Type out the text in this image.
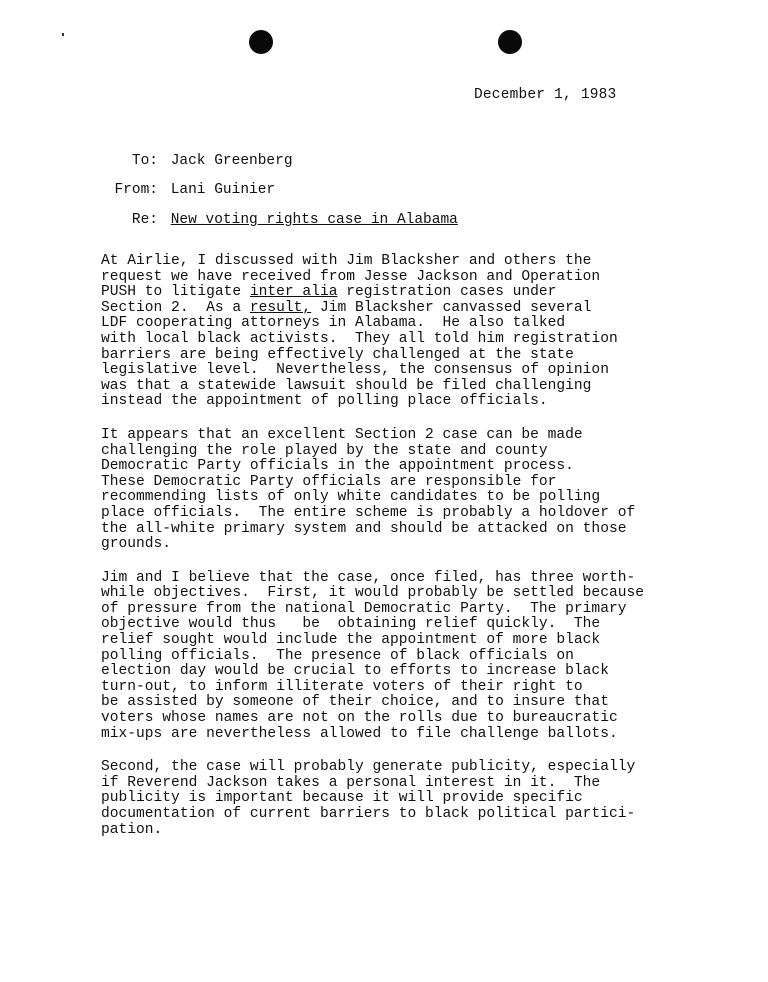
December 1, 1983
To: Jack Greenberg
From: Lani Guinier
Re: New voting rights case in Alabama
At Airlie, I discussed with Jim Blacksher and others the
request we have received from Jesse Jackson and Operation
PUSH to litigate inter alia registration cases under
Section 2.  As a result, Jim Blacksher canvassed several
LDF cooperating attorneys in Alabama.  He also talked
with local black activists.  They all told him registration
barriers are being effectively challenged at the state
legislative level.  Nevertheless, the consensus of opinion
was that a statewide lawsuit should be filed challenging
instead the appointment of polling place officials.
It appears that an excellent Section 2 case can be made
challenging the role played by the state and county
Democratic Party officials in the appointment process.
These Democratic Party officials are responsible for
recommending lists of only white candidates to be polling
place officials.  The entire scheme is probably a holdover of
the all-white primary system and should be attacked on those
grounds.
Jim and I believe that the case, once filed, has three worth-
while objectives.  First, it would probably be settled because
of pressure from the national Democratic Party.  The primary
objective would thus   be  obtaining relief quickly.  The
relief sought would include the appointment of more black
polling officials.  The presence of black officials on
election day would be crucial to efforts to increase black
turn-out, to inform illiterate voters of their right to
be assisted by someone of their choice, and to insure that
voters whose names are not on the rolls due to bureaucratic
mix-ups are nevertheless allowed to file challenge ballots.
Second, the case will probably generate publicity, especially
if Reverend Jackson takes a personal interest in it.  The
publicity is important because it will provide specific
documentation of current barriers to black political partici-
pation.
